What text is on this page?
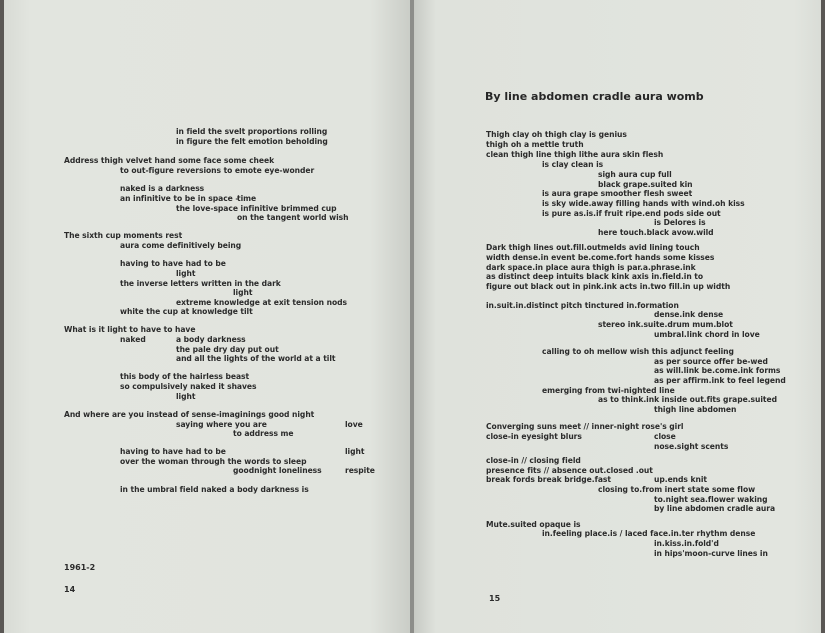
in field the svelt proportions rolling
in figure the felt emotion beholding
Address thigh velvet hand some face some cheek
to out-figure reversions to emote eye-wonder
naked is a darkness
an infinitive to be in space –
time
the love-space infinitive brimmed cup
on the tangent world wish
The sixth cup moments rest
aura come definitively being
having to have had to be
light
the inverse letters written in the dark
light
extreme knowledge at exit tension nods
white the cup at knowledge tilt
What is it light to have to have
naked	a body darkness
the pale dry day put out
and all the lights of the world at a tilt
this body of the hairless beast
so compulsively naked it shaves
light
And where are you instead of sense-imaginings good night
saying where you are	love
to address me
having to have had to be	light
over the woman through the words to sleep
goodnight loneliness	respite
in the umbral field naked a body darkness is
1961-2
14
By line abdomen cradle aura womb
Thigh clay oh thigh clay is genius
thigh oh a mettle truth
clean thigh line thigh lithe aura skin flesh
is clay clean is
sigh aura cup full
black grape.suited kin
is aura grape smoother flesh sweet
is sky wide.away filling hands with wind.oh kiss
is pure as.is.if fruit ripe.end pods side out
is Delores is
here touch.black avow.wild
Dark thigh lines out.fill.outmelds avid lining touch
width dense.in event be.come.fort hands some kisses
dark space.in place aura thigh is par.a.phrase.ink
as distinct deep intuits black kink axis in.field.in to
figure out black out in pink.ink acts in.two fill.in up width
in.suit.in.distinct pitch tinctured in.formation
dense.ink dense
stereo ink.suite.drum mum.blot
umbral.link chord in love
calling to oh mellow wish this adjunct feeling
as per source offer be-wed
as will.link be.come.ink forms
as per affirm.ink to feel legend
emerging from twi-nighted line
as to think.ink inside out.fits grape.suited
thigh line abdomen
Converging suns meet // inner-night rose's girl
close-in eyesight blurs	close
nose.sight scents
close-in // closing field
presence fits // absence out.closed .out
break fords break bridge.fast	up.ends knit
closing to.from inert state some flow
to.night sea.flower waking
by line abdomen cradle aura
Mute.suited opaque is
in.feeling place.is / laced face.in.ter rhythm dense
in.kiss.in.fold'd
in hips'moon-curve lines in
15
